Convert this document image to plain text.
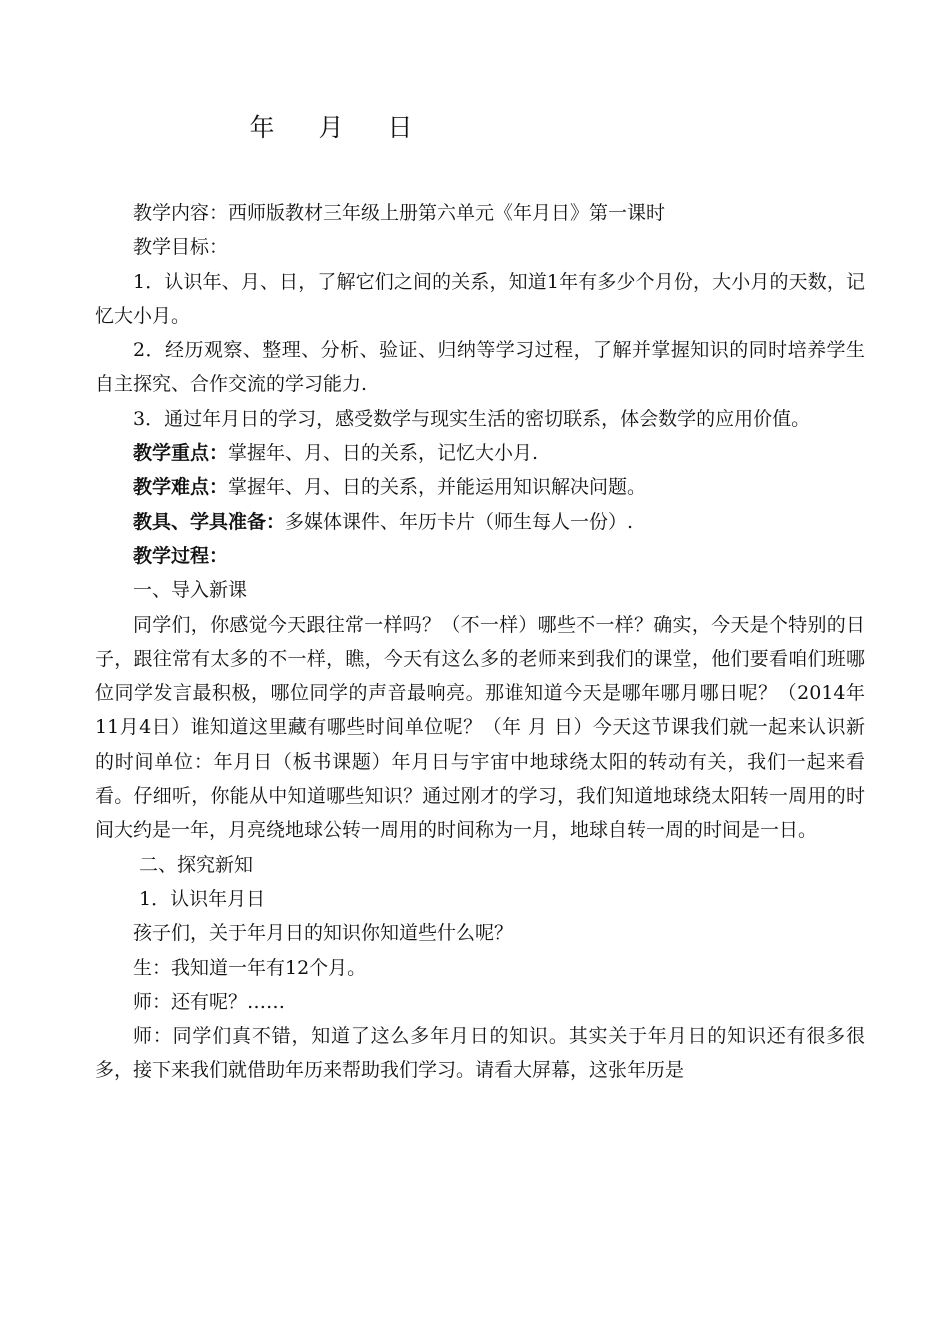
年 月 日

教学内容：西师版教材三年级上册第六单元《年月日》第一课时

教学目标：

1．认识年、月、日，了解它们之间的关系，知道1年有多少个月份，大小月的天数，记忆大小月。

2．经历观察、整理、分析、验证、归纳等学习过程，了解并掌握知识的同时培养学生自主探究、合作交流的学习能力.

3．通过年月日的学习，感受数学与现实生活的密切联系，体会数学的应用价值。

教学重点：掌握年、月、日的关系，记忆大小月.

教学难点：掌握年、月、日的关系，并能运用知识解决问题。

教具、学具准备：多媒体课件、年历卡片（师生每人一份）.

教学过程：

一、导入新课

同学们，你感觉今天跟往常一样吗？（不一样）哪些不一样？确实，今天是个特别的日子，跟往常有太多的不一样，瞧，今天有这么多的老师来到我们的课堂，他们要看咱们班哪位同学发言最积极，哪位同学的声音最响亮。那谁知道今天是哪年哪月哪日呢？（2014年11月4日）谁知道这里藏有哪些时间单位呢？（年 月 日）今天这节课我们就一起来认识新的时间单位：年月日（板书课题）年月日与宇宙中地球绕太阳的转动有关，我们一起来看看。仔细听，你能从中知道哪些知识？通过刚才的学习，我们知道地球绕太阳转一周用的时间大约是一年，月亮绕地球公转一周用的时间称为一月，地球自转一周的时间是一日。

二、探究新知

1．认识年月日

孩子们，关于年月日的知识你知道些什么呢？

生：我知道一年有12个月。

师：还有呢？……

师：同学们真不错，知道了这么多年月日的知识。其实关于年月日的知识还有很多很多，接下来我们就借助年历来帮助我们学习。请看大屏幕，这张年历是
